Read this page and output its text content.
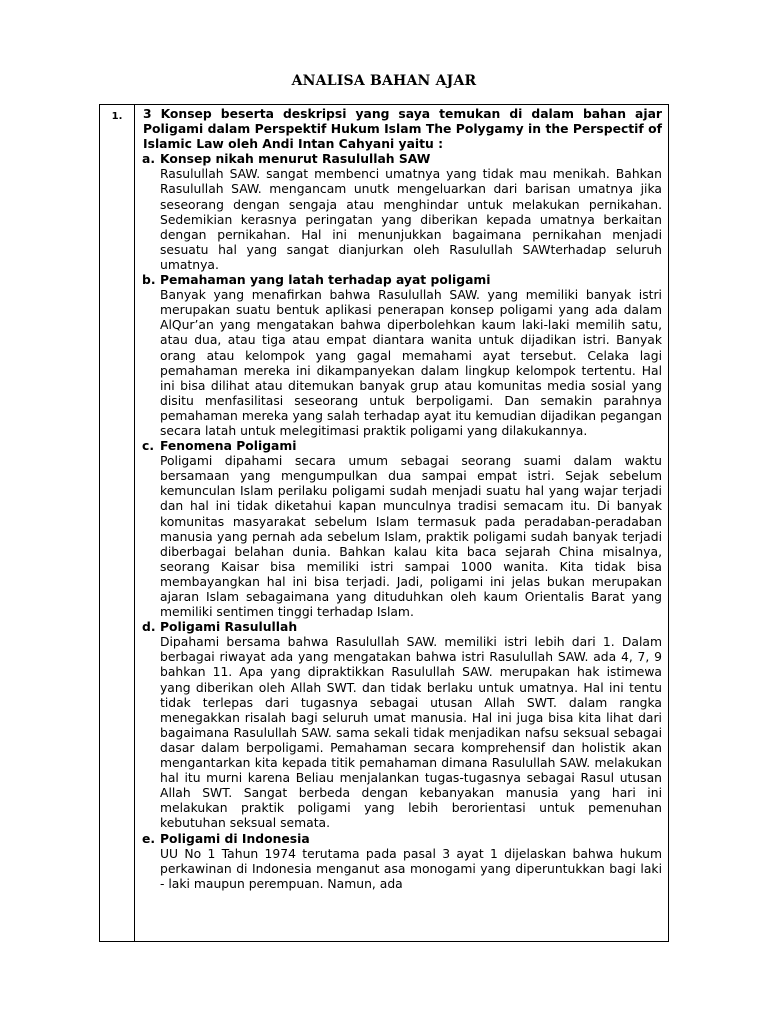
ANALISA BAHAN AJAR
1.	3 Konsep beserta deskripsi yang saya temukan di dalam bahan ajar Poligami dalam Perspektif Hukum Islam The Polygamy in the Perspectif of Islamic Law oleh Andi Intan Cahyani yaitu :
a. Konsep nikah menurut Rasulullah SAW
Rasulullah SAW. sangat membenci umatnya yang tidak mau menikah. Bahkan Rasulullah SAW. mengancam unutk mengeluarkan dari barisan umatnya jika seseorang dengan sengaja atau menghindar untuk melakukan pernikahan. Sedemikian kerasnya peringatan yang diberikan kepada umatnya berkaitan dengan pernikahan. Hal ini menunjukkan bagaimana pernikahan menjadi sesuatu hal yang sangat dianjurkan oleh Rasulullah SAWterhadap seluruh umatnya.
b. Pemahaman yang latah terhadap ayat poligami
Banyak yang menafirkan bahwa Rasulullah SAW. yang memiliki banyak istri merupakan suatu bentuk aplikasi penerapan konsep poligami yang ada dalam AlQur’an yang mengatakan bahwa diperbolehkan kaum laki-laki memilih satu, atau dua, atau tiga atau empat diantara wanita untuk dijadikan istri. Banyak orang atau kelompok yang gagal memahami ayat tersebut. Celaka lagi pemahaman mereka ini dikampanyekan dalam lingkup kelompok tertentu. Hal ini bisa dilihat atau ditemukan banyak grup atau komunitas media sosial yang disitu menfasilitasi seseorang untuk berpoligami. Dan semakin parahnya pemahaman mereka yang salah terhadap ayat itu kemudian dijadikan pegangan secara latah untuk melegitimasi praktik poligami yang dilakukannya.
c. Fenomena Poligami
Poligami dipahami secara umum sebagai seorang suami dalam waktu bersamaan yang mengumpulkan dua sampai empat istri. Sejak sebelum kemunculan Islam perilaku poligami sudah menjadi suatu hal yang wajar terjadi dan hal ini tidak diketahui kapan munculnya tradisi semacam itu. Di banyak komunitas masyarakat sebelum Islam termasuk pada peradaban-peradaban manusia yang pernah ada sebelum Islam, praktik poligami sudah banyak terjadi diberbagai belahan dunia. Bahkan kalau kita baca sejarah China misalnya, seorang Kaisar bisa memiliki istri sampai 1000 wanita. Kita tidak bisa membayangkan hal ini bisa terjadi. Jadi, poligami ini jelas bukan merupakan ajaran Islam sebagaimana yang dituduhkan oleh kaum Orientalis Barat yang memiliki sentimen tinggi terhadap Islam.
d. Poligami Rasulullah
Dipahami bersama bahwa Rasulullah SAW. memiliki istri lebih dari 1. Dalam berbagai riwayat ada yang mengatakan bahwa istri Rasulullah SAW. ada 4, 7, 9 bahkan 11. Apa yang dipraktikkan Rasulullah SAW. merupakan hak istimewa yang diberikan oleh Allah SWT. dan tidak berlaku untuk umatnya. Hal ini tentu tidak terlepas dari tugasnya sebagai utusan Allah SWT. dalam rangka menegakkan risalah bagi seluruh umat manusia. Hal ini juga bisa kita lihat dari bagaimana Rasulullah SAW. sama sekali tidak menjadikan nafsu seksual sebagai dasar dalam berpoligami. Pemahaman secara komprehensif dan holistik akan mengantarkan kita kepada titik pemahaman dimana Rasulullah SAW. melakukan hal itu murni karena Beliau menjalankan tugas-tugasnya sebagai Rasul utusan Allah SWT. Sangat berbeda dengan kebanyakan manusia yang hari ini melakukan praktik poligami yang lebih berorientasi untuk pemenuhan kebutuhan seksual semata.
e. Poligami di Indonesia
UU No 1 Tahun 1974 terutama pada pasal 3 ayat 1 dijelaskan bahwa hukum perkawinan di Indonesia menganut asa monogami yang diperuntukkan bagi laki - laki maupun perempuan. Namun, ada
